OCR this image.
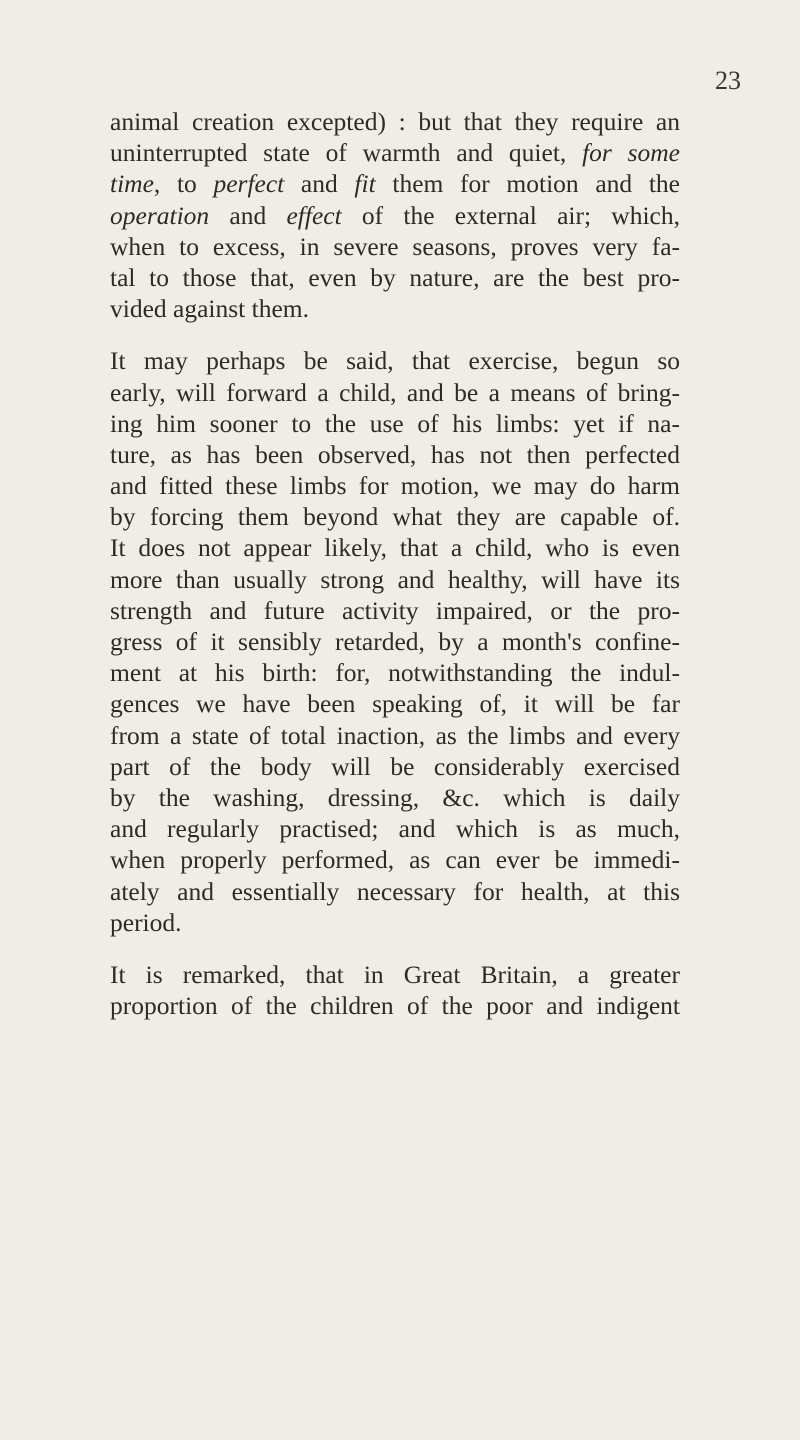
23
animal creation excepted) : but that they require an
uninterrupted state of warmth and quiet, for some
time, to perfect and fit them for motion and the
operation and effect of the external air; which,
when to excess, in severe seasons, proves very fa-
tal to those that, even by nature, are the best pro-
vided against them.
It may perhaps be said, that exercise, begun so
early, will forward a child, and be a means of bring-
ing him sooner to the use of his limbs: yet if na-
ture, as has been observed, has not then perfected
and fitted these limbs for motion, we may do harm
by forcing them beyond what they are capable of.
It does not appear likely, that a child, who is even
more than usually strong and healthy, will have its
strength and future activity impaired, or the pro-
gress of it sensibly retarded, by a month's confine-
ment at his birth: for, notwithstanding the indul-
gences we have been speaking of, it will be far
from a state of total inaction, as the limbs and every
part of the body will be considerably exercised
by the washing, dressing, &c. which is daily
and regularly practised; and which is as much,
when properly performed, as can ever be immedi-
ately and essentially necessary for health, at this
period.
It is remarked, that in Great Britain, a greater
proportion of the children of the poor and indigent
